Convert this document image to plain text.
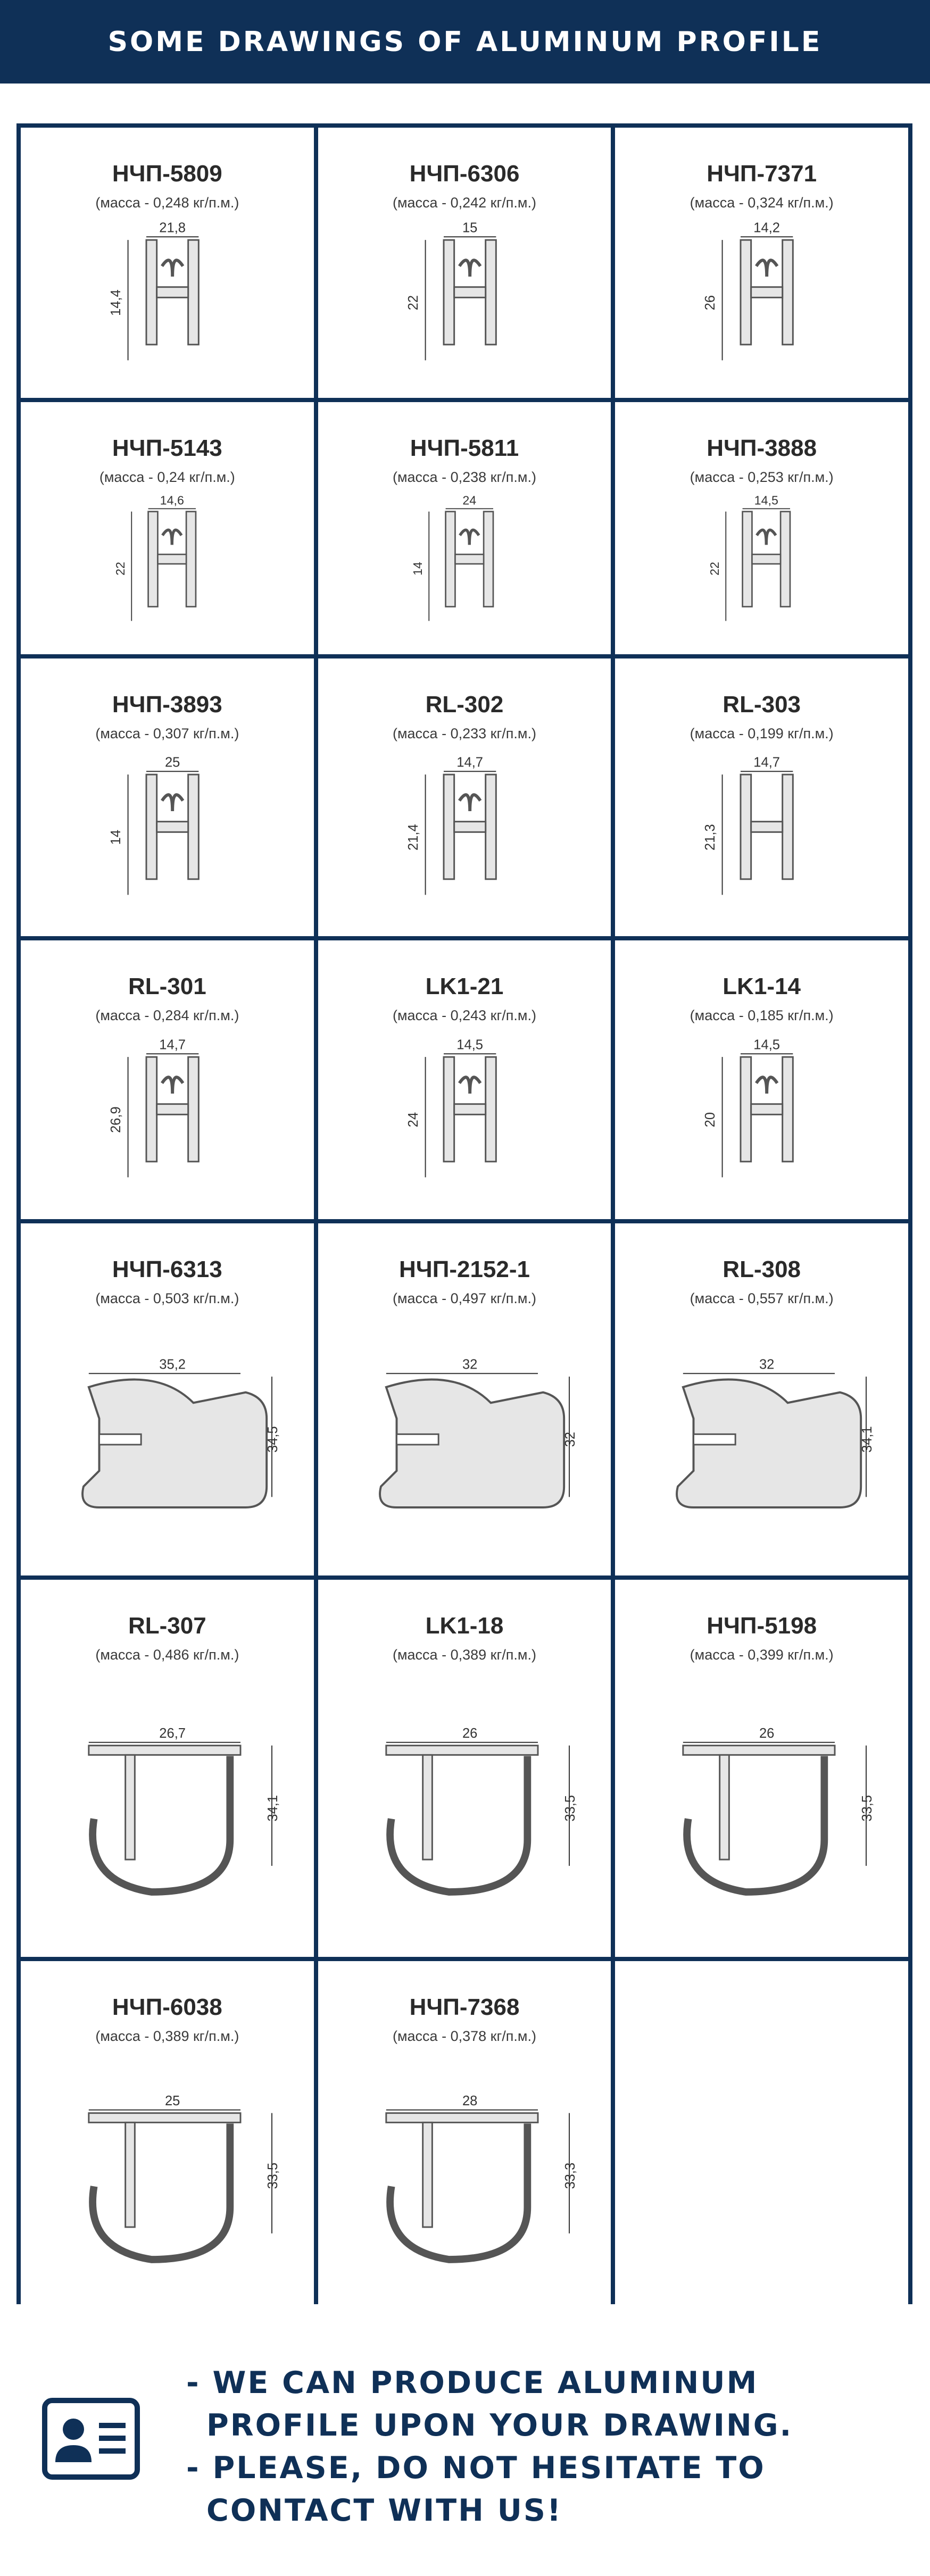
SOME DRAWINGS OF ALUMINUM PROFILE
НЧП-5809
(масса - 0,248 кг/п.м.)
21,8
14,4
НЧП-6306
(масса - 0,242 кг/п.м.)
15
22
НЧП-7371
(масса - 0,324 кг/п.м.)
14,2
26
НЧП-5143
(масса - 0,24 кг/п.м.)
14,6
22
НЧП-5811
(масса - 0,238 кг/п.м.)
24
14
НЧП-3888
(масса - 0,253 кг/п.м.)
14,5
22
НЧП-3893
(масса - 0,307 кг/п.м.)
25
14
RL-302
(масса - 0,233 кг/п.м.)
14,7
21,4
RL-303
(масса - 0,199 кг/п.м.)
14,7
21,3
RL-301
(масса - 0,284 кг/п.м.)
14,7
26,9
LK1-21
(масса - 0,243 кг/п.м.)
14,5
24
LK1-14
(масса - 0,185 кг/п.м.)
14,5
20
НЧП-6313
(масса - 0,503 кг/п.м.)
35,2
34,5
НЧП-2152-1
(масса - 0,497 кг/п.м.)
32
32
RL-308
(масса - 0,557 кг/п.м.)
32
34,1
RL-307
(масса - 0,486 кг/п.м.)
26,7
34,1
LK1-18
(масса - 0,389 кг/п.м.)
26
33,5
НЧП-5198
(масса - 0,399 кг/п.м.)
26
33,5
НЧП-6038
(масса - 0,389 кг/п.м.)
25
33,5
НЧП-7368
(масса - 0,378 кг/п.м.)
28
33,3

- WE CAN PRODUCE ALUMINUM PROFILE UPON YOUR DRAWING.

- PLEASE, DO NOT HESITATE TO CONTACT WITH US!
